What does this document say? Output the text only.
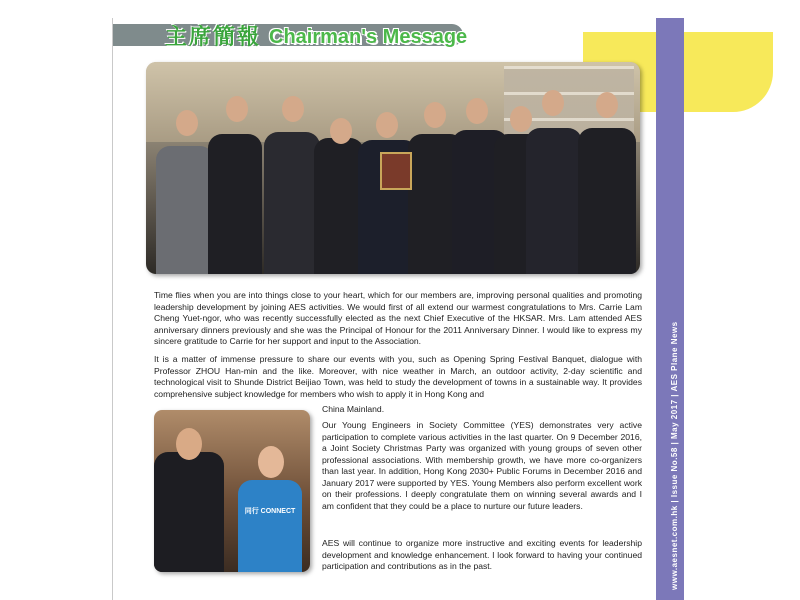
主席簡報 Chairman's Message
www.aesnet.com.hk | Issue No.58 | May 2017 | AES Plane News

Time flies when you are into things close to your heart, which for our members are, improving personal qualities and promoting leadership development by joining AES activities. We would first of all extend our warmest congratulations to Mrs. Carrie Lam Cheng Yuet-ngor, who was recently successfully elected as the next Chief Executive of the HKSAR. Mrs. Lam attended AES anniversary dinners previously and she was the Principal of Honour for the 2011 Anniversary Dinner. I would like to express my sincere gratitude to Carrie for her support and input to the Association.

It is a matter of immense pressure to share our events with you, such as Opening Spring Festival Banquet, dialogue with Professor ZHOU Han-min and the like. Moreover, with nice weather in March, an outdoor activity, 2-day scientific and technological visit to Shunde District Beijiao Town, was held to study the development of towns in a sustainable way. It provides comprehensive subject knowledge for members who wish to apply it in Hong Kong and

China Mainland.

Our Young Engineers in Society Committee (YES) demonstrates very active participation to complete various activities in the last quarter. On 9 December 2016, a Joint Society Christmas Party was organized with young groups of seven other professional associations. With membership growth, we have more co-organizers than last year. In addition, Hong Kong 2030+ Public Forums in December 2016 and January 2017 were supported by YES. Young Members also perform excellent work on their professions. I deeply congratulate them on winning several awards and I am confident that they could be a place to nurture our future leaders.

AES will continue to organize more instructive and exciting events for leadership development and knowledge enhancement. I look forward to having your continued participation and contributions as in the past.

同行 CONNECT
